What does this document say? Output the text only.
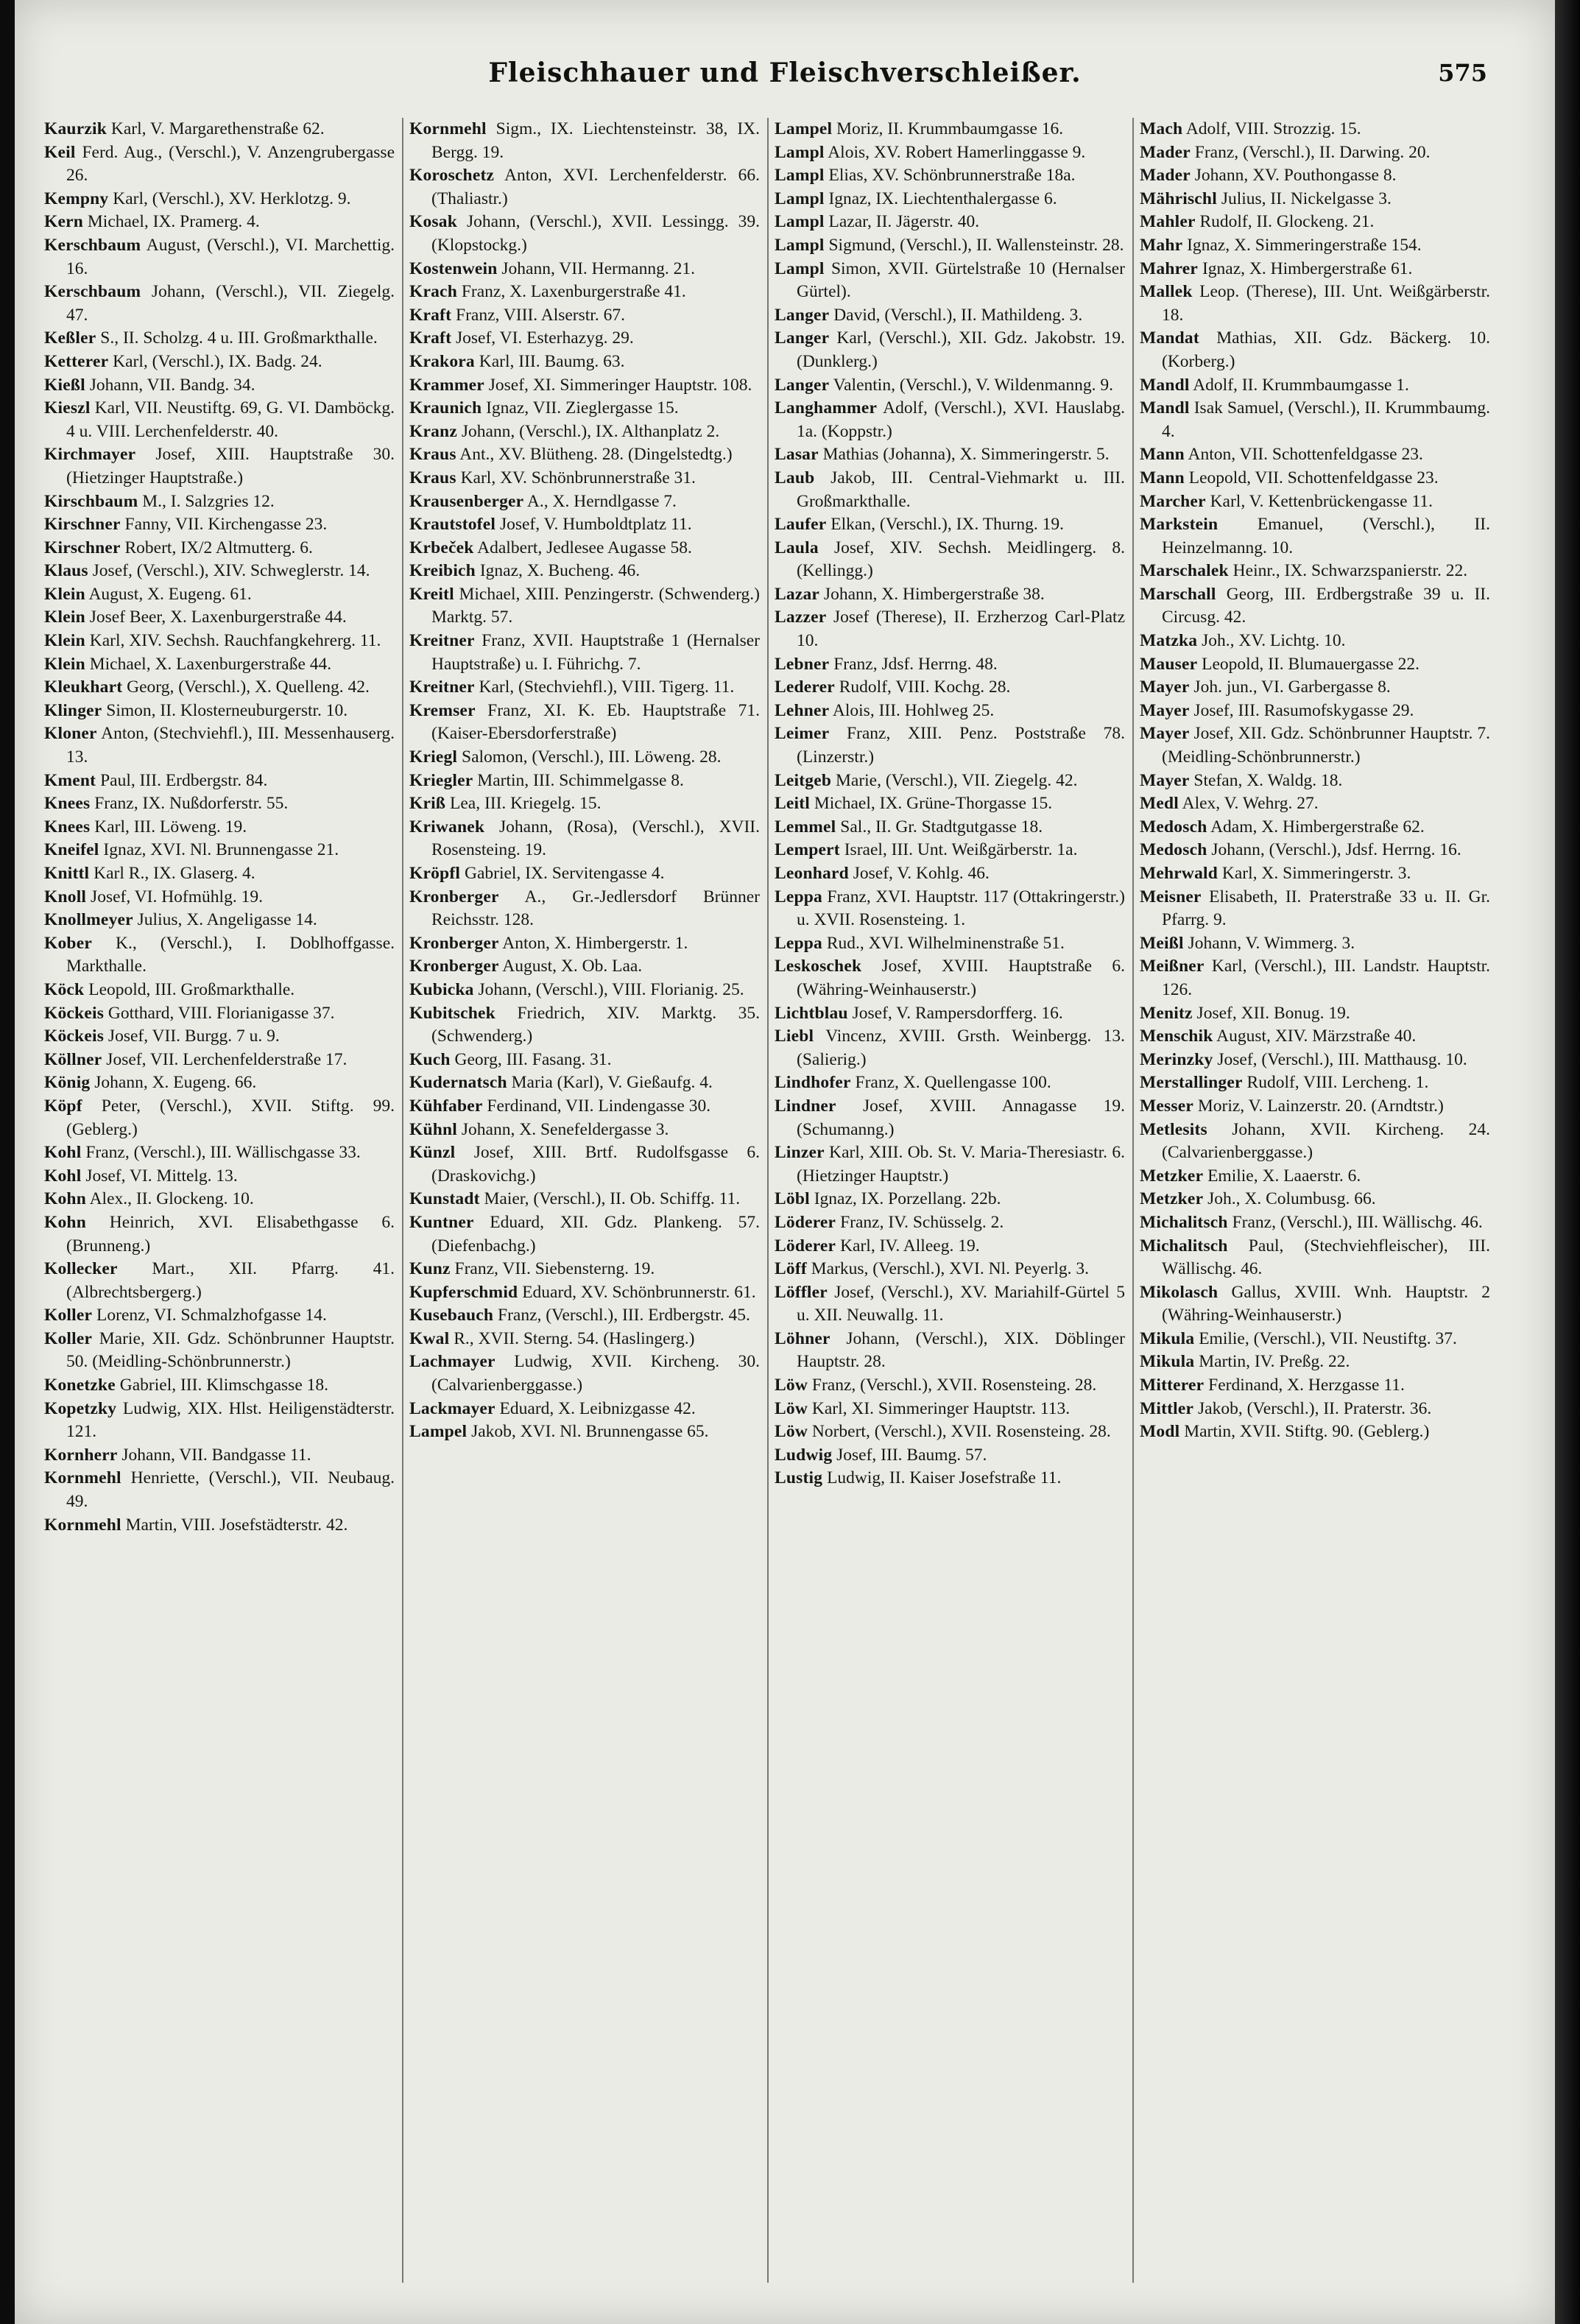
Fleischhauer und Fleischverschleißer.	575
Kaurzik Karl, V. Margarethenstraße 62.
Keil Ferd. Aug., (Verschl.), V. Anzengrubergasse 26.
Kempny Karl, (Verschl.), XV. Herklotzg. 9.
Kern Michael, IX. Pramerg. 4.
Kerschbaum August, (Verschl.), VI. Marchettig. 16.
Kerschbaum Johann, (Verschl.), VII. Ziegelg. 47.
Keßler S., II. Scholzg. 4 u. III. Großmarkthalle.
Ketterer Karl, (Verschl.), IX. Badg. 24.
Kießl Johann, VII. Bandg. 34.
Kieszl Karl, VII. Neustiftg. 69, G. VI. Damböckg. 4 u. VIII. Lerchenfelderstr. 40.
Kirchmayer Josef, XIII. Hauptstraße 30. (Hietzinger Hauptstraße.)
Kirschbaum M., I. Salzgries 12.
Kirschner Fanny, VII. Kirchengasse 23.
Kirschner Robert, IX/2 Altmutterg. 6.
Klaus Josef, (Verschl.), XIV. Schweglerstr. 14.
Klein August, X. Eugeng. 61.
Klein Josef Beer, X. Laxenburgerstraße 44.
Klein Karl, XIV. Sechsh. Rauchfangkehrerg. 11.
Klein Michael, X. Laxenburgerstraße 44.
Kleukhart Georg, (Verschl.), X. Quelleng. 42.
Klinger Simon, II. Klosterneuburgerstr. 10.
Kloner Anton, (Stechviehfl.), III. Messenhauserg. 13.
Kment Paul, III. Erdbergstr. 84.
Knees Franz, IX. Nußdorferstr. 55.
Knees Karl, III. Löweng. 19.
Kneifel Ignaz, XVI. Nl. Brunnengasse 21.
Knittl Karl R., IX. Glaserg. 4.
Knoll Josef, VI. Hofmühlg. 19.
Knollmeyer Julius, X. Angeligasse 14.
Kober K., (Verschl.), I. Doblhoffgasse. Markthalle.
Köck Leopold, III. Großmarkthalle.
Köckeis Gotthard, VIII. Florianigasse 37.
Köckeis Josef, VII. Burgg. 7 u. 9.
Köllner Josef, VII. Lerchenfelderstraße 17.
König Johann, X. Eugeng. 66.
Köpf Peter, (Verschl.), XVII. Stiftg. 99. (Geblerg.)
Kohl Franz, (Verschl.), III. Wällischgasse 33.
Kohl Josef, VI. Mittelg. 13.
Kohn Alex., II. Glockeng. 10.
Kohn Heinrich, XVI. Elisabethgasse 6. (Brunneng.)
Kollecker Mart., XII. Pfarrg. 41. (Albrechtsbergerg.)
Koller Lorenz, VI. Schmalzhofgasse 14.
Koller Marie, XII. Gdz. Schönbrunner Hauptstr. 50. (Meidling-Schönbrunnerstr.)
Konetzke Gabriel, III. Klimschgasse 18.
Kopetzky Ludwig, XIX. Hlst. Heiligenstädterstr. 121.
Kornherr Johann, VII. Bandgasse 11.
Kornmehl Henriette, (Verschl.), VII. Neubaug. 49.
Kornmehl Martin, VIII. Josefstädterstr. 42.
Kornmehl Sigm., IX. Liechtensteinstr. 38, IX. Bergg. 19.
Koroschetz Anton, XVI. Lerchenfelderstr. 66. (Thaliastr.)
Kosak Johann, (Verschl.), XVII. Lessingg. 39. (Klopstockg.)
Kostenwein Johann, VII. Hermanng. 21.
Krach Franz, X. Laxenburgerstraße 41.
Kraft Franz, VIII. Alserstr. 67.
Kraft Josef, VI. Esterhazyg. 29.
Krakora Karl, III. Baumg. 63.
Krammer Josef, XI. Simmeringer Hauptstr. 108.
Kraunich Ignaz, VII. Zieglergasse 15.
Kranz Johann, (Verschl.), IX. Althanplatz 2.
Kraus Ant., XV. Blütheng. 28. (Dingelstedtg.)
Kraus Karl, XV. Schönbrunnerstraße 31.
Krausenberger A., X. Herndlgasse 7.
Krautstofel Josef, V. Humboldtplatz 11.
Krbeček Adalbert, Jedlesee Augasse 58.
Kreibich Ignaz, X. Bucheng. 46.
Kreitl Michael, XIII. Penzingerstr. (Schwenderg.) Marktg. 57.
Kreitner Franz, XVII. Hauptstraße 1 (Hernalser Hauptstraße) u. I. Führichg. 7.
Kreitner Karl, (Stechviehfl.), VIII. Tigerg. 11.
Kremser Franz, XI. K. Eb. Hauptstraße 71. (Kaiser-Ebersdorferstraße)
Kriegl Salomon, (Verschl.), III. Löweng. 28.
Kriegler Martin, III. Schimmelgasse 8.
Kriß Lea, III. Kriegelg. 15.
Kriwanek Johann, (Rosa), (Verschl.), XVII. Rosensteing. 19.
Kröpfl Gabriel, IX. Servitengasse 4.
Kronberger A., Gr.-Jedlersdorf Brünner Reichsstr. 128.
Kronberger Anton, X. Himbergerstr. 1.
Kronberger August, X. Ob. Laa.
Kubicka Johann, (Verschl.), VIII. Florianig. 25.
Kubitschek Friedrich, XIV. Marktg. 35. (Schwenderg.)
Kuch Georg, III. Fasang. 31.
Kudernatsch Maria (Karl), V. Gießaufg. 4.
Kühfaber Ferdinand, VII. Lindengasse 30.
Kühnl Johann, X. Senefeldergasse 3.
Künzl Josef, XIII. Brtf. Rudolfsgasse 6. (Draskovichg.)
Kunstadt Maier, (Verschl.), II. Ob. Schiffg. 11.
Kuntner Eduard, XII. Gdz. Plankeng. 57. (Diefenbachg.)
Kunz Franz, VII. Siebensterng. 19.
Kupferschmid Eduard, XV. Schönbrunnerstr. 61.
Kusebauch Franz, (Verschl.), III. Erdbergstr. 45.
Kwal R., XVII. Sterng. 54. (Haslingerg.)
Lachmayer Ludwig, XVII. Kircheng. 30. (Calvarienberggasse.)
Lackmayer Eduard, X. Leibnizgasse 42.
Lampel Jakob, XVI. Nl. Brunnengasse 65.
Lampel Moriz, II. Krummbaumgasse 16.
Lampl Alois, XV. Robert Hamerlinggasse 9.
Lampl Elias, XV. Schönbrunnerstraße 18a.
Lampl Ignaz, IX. Liechtenthalergasse 6.
Lampl Lazar, II. Jägerstr. 40.
Lampl Sigmund, (Verschl.), II. Wallensteinstr. 28.
Lampl Simon, XVII. Gürtelstraße 10 (Hernalser Gürtel).
Langer David, (Verschl.), II. Mathildeng. 3.
Langer Karl, (Verschl.), XII. Gdz. Jakobstr. 19. (Dunklerg.)
Langer Valentin, (Verschl.), V. Wildenmanng. 9.
Langhammer Adolf, (Verschl.), XVI. Hauslabg. 1a. (Koppstr.)
Lasar Mathias (Johanna), X. Simmeringerstr. 5.
Laub Jakob, III. Central-Viehmarkt u. III. Großmarkthalle.
Laufer Elkan, (Verschl.), IX. Thurng. 19.
Laula Josef, XIV. Sechsh. Meidlingerg. 8. (Kellingg.)
Lazar Johann, X. Himbergerstraße 38.
Lazzer Josef (Therese), II. Erzherzog Carl-Platz 10.
Lebner Franz, Jdsf. Herrng. 48.
Lederer Rudolf, VIII. Kochg. 28.
Lehner Alois, III. Hohlweg 25.
Leimer Franz, XIII. Penz. Poststraße 78. (Linzerstr.)
Leitgeb Marie, (Verschl.), VII. Ziegelg. 42.
Leitl Michael, IX. Grüne-Thorgasse 15.
Lemmel Sal., II. Gr. Stadtgutgasse 18.
Lempert Israel, III. Unt. Weißgärberstr. 1a.
Leonhard Josef, V. Kohlg. 46.
Leppa Franz, XVI. Hauptstr. 117 (Ottakringerstr.) u. XVII. Rosensteing. 1.
Leppa Rud., XVI. Wilhelminenstraße 51.
Leskoschek Josef, XVIII. Hauptstraße 6. (Währing-Weinhauserstr.)
Lichtblau Josef, V. Rampersdorfferg. 16.
Liebl Vincenz, XVIII. Grsth. Weinbergg. 13. (Salierig.)
Lindhofer Franz, X. Quellengasse 100.
Lindner Josef, XVIII. Annagasse 19. (Schumanng.)
Linzer Karl, XIII. Ob. St. V. Maria-Theresiastr. 6. (Hietzinger Hauptstr.)
Löbl Ignaz, IX. Porzellang. 22b.
Löderer Franz, IV. Schüsselg. 2.
Löderer Karl, IV. Alleeg. 19.
Löff Markus, (Verschl.), XVI. Nl. Peyerlg. 3.
Löffler Josef, (Verschl.), XV. Mariahilf-Gürtel 5 u. XII. Neuwallg. 11.
Löhner Johann, (Verschl.), XIX. Döblinger Hauptstr. 28.
Löw Franz, (Verschl.), XVII. Rosensteing. 28.
Löw Karl, XI. Simmeringer Hauptstr. 113.
Löw Norbert, (Verschl.), XVII. Rosensteing. 28.
Ludwig Josef, III. Baumg. 57.
Lustig Ludwig, II. Kaiser Josefstraße 11.
Mach Adolf, VIII. Strozzig. 15.
Mader Franz, (Verschl.), II. Darwing. 20.
Mader Johann, XV. Pouthongasse 8.
Mährischl Julius, II. Nickelgasse 3.
Mahler Rudolf, II. Glockeng. 21.
Mahr Ignaz, X. Simmeringerstraße 154.
Mahrer Ignaz, X. Himbergerstraße 61.
Mallek Leop. (Therese), III. Unt. Weißgärberstr. 18.
Mandat Mathias, XII. Gdz. Bäckerg. 10. (Korberg.)
Mandl Adolf, II. Krummbaumgasse 1.
Mandl Isak Samuel, (Verschl.), II. Krummbaumg. 4.
Mann Anton, VII. Schottenfeldgasse 23.
Mann Leopold, VII. Schottenfeldgasse 23.
Marcher Karl, V. Kettenbrückengasse 11.
Markstein Emanuel, (Verschl.), II. Heinzelmanng. 10.
Marschalek Heinr., IX. Schwarzspanierstr. 22.
Marschall Georg, III. Erdbergstraße 39 u. II. Circusg. 42.
Matzka Joh., XV. Lichtg. 10.
Mauser Leopold, II. Blumauergasse 22.
Mayer Joh. jun., VI. Garbergasse 8.
Mayer Josef, III. Rasumofskygasse 29.
Mayer Josef, XII. Gdz. Schönbrunner Hauptstr. 7. (Meidling-Schönbrunnerstr.)
Mayer Stefan, X. Waldg. 18.
Medl Alex, V. Wehrg. 27.
Medosch Adam, X. Himbergerstraße 62.
Medosch Johann, (Verschl.), Jdsf. Herrng. 16.
Mehrwald Karl, X. Simmeringerstr. 3.
Meisner Elisabeth, II. Praterstraße 33 u. II. Gr. Pfarrg. 9.
Meißl Johann, V. Wimmerg. 3.
Meißner Karl, (Verschl.), III. Landstr. Hauptstr. 126.
Menitz Josef, XII. Bonug. 19.
Menschik August, XIV. Märzstraße 40.
Merinzky Josef, (Verschl.), III. Matthausg. 10.
Merstallinger Rudolf, VIII. Lercheng. 1.
Messer Moriz, V. Lainzerstr. 20. (Arndtstr.)
Metlesits Johann, XVII. Kircheng. 24. (Calvarienberggasse.)
Metzker Emilie, X. Laaerstr. 6.
Metzker Joh., X. Columbusg. 66.
Michalitsch Franz, (Verschl.), III. Wällischg. 46.
Michalitsch Paul, (Stechviehfleischer), III. Wällischg. 46.
Mikolasch Gallus, XVIII. Wnh. Hauptstr. 2 (Währing-Weinhauserstr.)
Mikula Emilie, (Verschl.), VII. Neustiftg. 37.
Mikula Martin, IV. Preßg. 22.
Mitterer Ferdinand, X. Herzgasse 11.
Mittler Jakob, (Verschl.), II. Praterstr. 36.
Modl Martin, XVII. Stiftg. 90. (Geblerg.)
